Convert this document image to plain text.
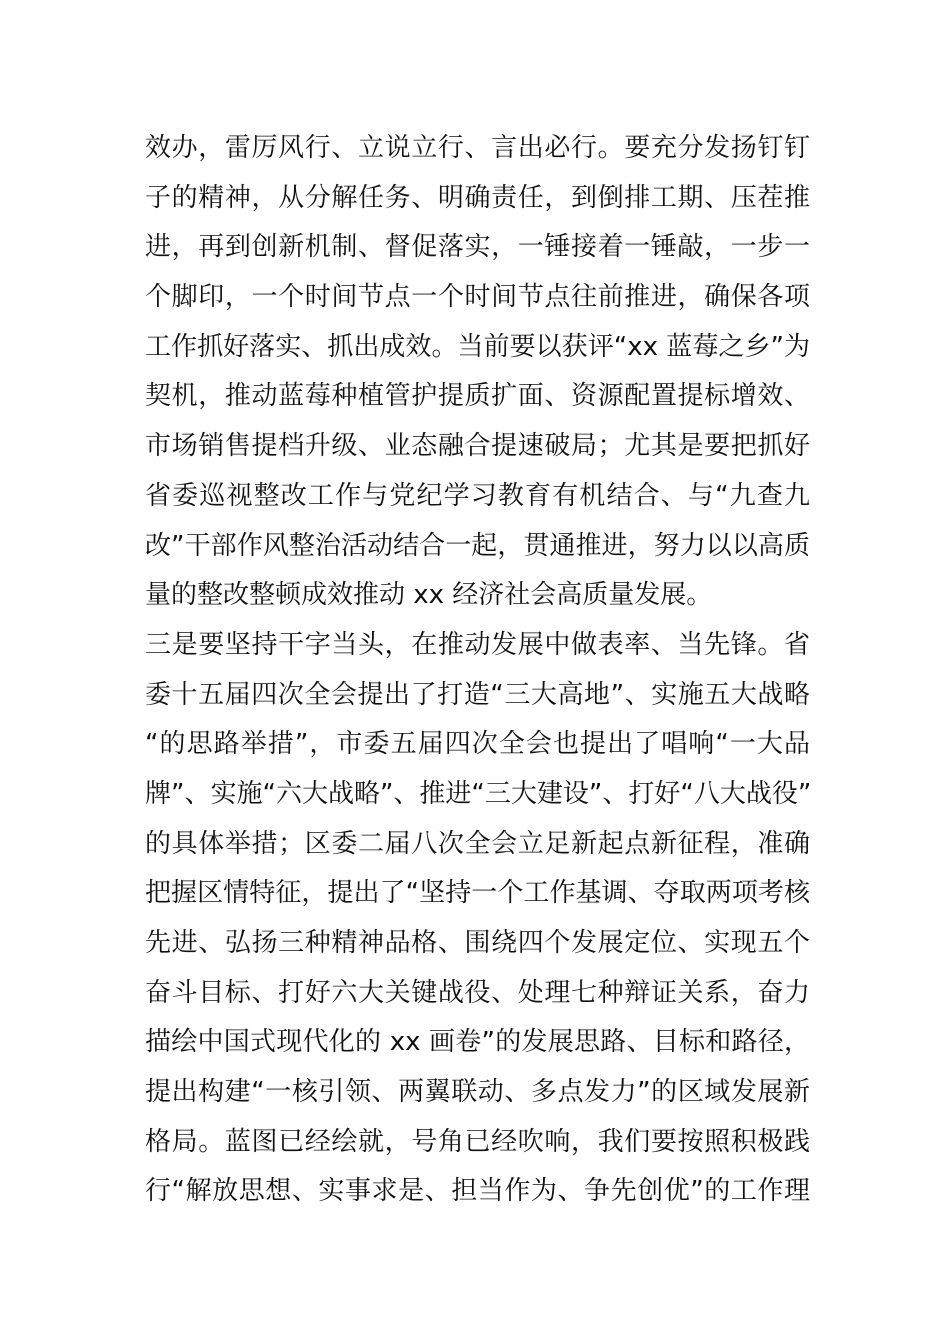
效办，雷厉风行、立说立行、言出必行。要充分发扬钉钉
子的精神，从分解任务、明确责任，到倒排工期、压茬推
进，再到创新机制、督促落实，一锤接着一锤敲，一步一
个脚印，一个时间节点一个时间节点往前推进，确保各项
工作抓好落实、抓出成效。当前要以获评“xx 蓝莓之乡”为
契机，推动蓝莓种植管护提质扩面、资源配置提标增效、
市场销售提档升级、业态融合提速破局；尤其是要把抓好
省委巡视整改工作与党纪学习教育有机结合、与“九查九
改”干部作风整治活动结合一起，贯通推进，努力以以高质
量的整改整顿成效推动 xx 经济社会高质量发展。
三是要坚持干字当头，在推动发展中做表率、当先锋。省
委十五届四次全会提出了打造“三大高地”、实施五大战略
“的思路举措”，市委五届四次全会也提出了唱响“一大品
牌”、实施“六大战略”、推进“三大建设”、打好“八大战役”
的具体举措；区委二届八次全会立足新起点新征程，准确
把握区情特征，提出了“坚持一个工作基调、夺取两项考核
先进、弘扬三种精神品格、围绕四个发展定位、实现五个
奋斗目标、打好六大关键战役、处理七种辩证关系，奋力
描绘中国式现代化的 xx 画卷”的发展思路、目标和路径，
提出构建“一核引领、两翼联动、多点发力”的区域发展新
格局。蓝图已经绘就，号角已经吹响，我们要按照积极践
行“解放思想、实事求是、担当作为、争先创优”的工作理
